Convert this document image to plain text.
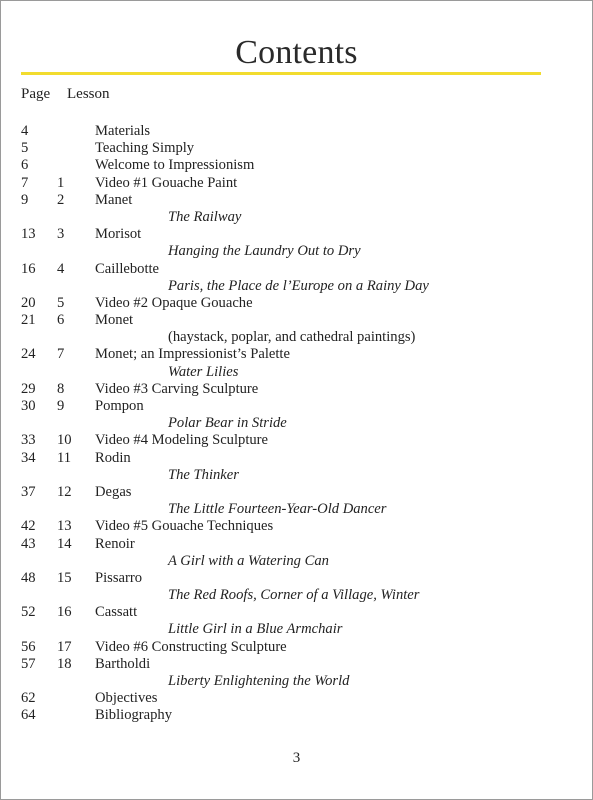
Contents
Page Lesson
4	Materials
5	Teaching Simply
6	Welcome to Impressionism
7 1 Video #1 Gouache Paint
9 2 Manet
The Railway
13 3 Morisot
Hanging the Laundry Out to Dry
16 4 Caillebotte
Paris, the Place de l’Europe on a Rainy Day
20 5 Video #2 Opaque Gouache
21 6 Monet
(haystack, poplar, and cathedral paintings)
24 7 Monet; an Impressionist’s Palette
Water Lilies
29 8 Video #3 Carving Sculpture
30 9 Pompon
Polar Bear in Stride
33 10 Video #4 Modeling Sculpture
34 11 Rodin
The Thinker
37 12 Degas
The Little Fourteen-Year-Old Dancer
42 13 Video #5 Gouache Techniques
43 14 Renoir
A Girl with a Watering Can
48 15 Pissarro
The Red Roofs, Corner of a Village, Winter
52 16 Cassatt
Little Girl in a Blue Armchair
56 17 Video #6 Constructing Sculpture
57 18 Bartholdi
Liberty Enlightening the World
62	Objectives
64	Bibliography
3
